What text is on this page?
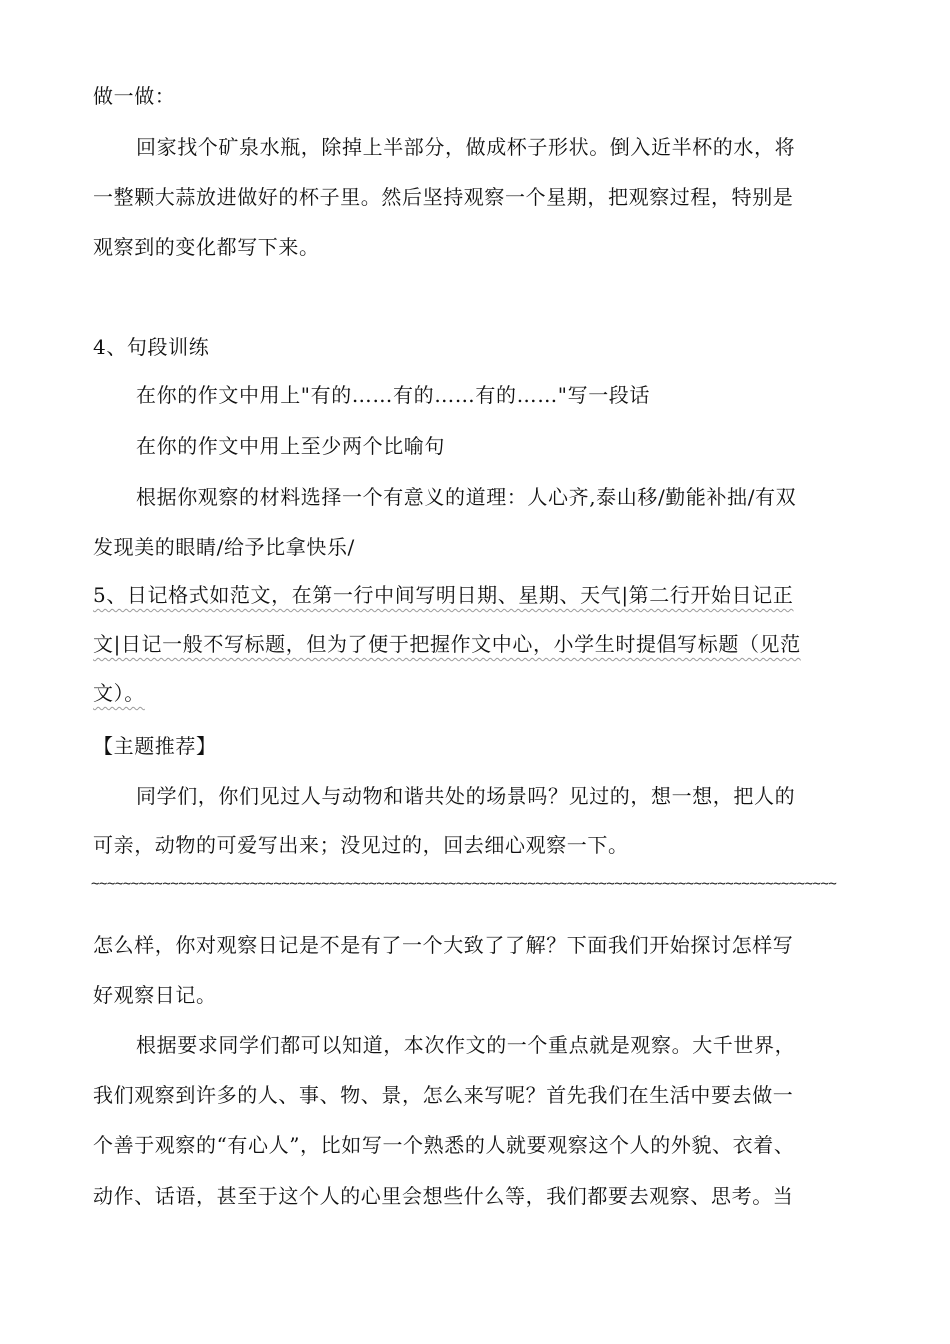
做一做：
回家找个矿泉水瓶，除掉上半部分，做成杯子形状。倒入近半杯的水，将
一整颗大蒜放进做好的杯子里。然后坚持观察一个星期，把观察过程，特别是
观察到的变化都写下来。
4、句段训练
在你的作文中用上"有的……有的……有的……"写一段话
在你的作文中用上至少两个比喻句
根据你观察的材料选择一个有意义的道理：人心齐,泰山移/勤能补拙/有双
发现美的眼睛/给予比拿快乐/
5、日记格式如范文，在第一行中间写明日期、星期、天气|第二行开始日记正
文|日记一般不写标题，但为了便于把握作文中心，小学生时提倡写标题（见范
文）。
【主题推荐】
同学们，你们见过人与动物和谐共处的场景吗？见过的，想一想，把人的
可亲，动物的可爱写出来；没见过的，回去细心观察一下。
~~~~~~~~~~~~~~~~~~~~~~~~~~~~~~~~~~~~~~~~~~~~~~~~~~~~~~~~~~~~~~~~~~~~~~~~~~~~~~~~~~~~~~~~~~~~~~
怎么样，你对观察日记是不是有了一个大致了了解？下面我们开始探讨怎样写
好观察日记。
根据要求同学们都可以知道，本次作文的一个重点就是观察。大千世界，
我们观察到许多的人、事、物、景，怎么来写呢？首先我们在生活中要去做一
个善于观察的“有心人”，比如写一个熟悉的人就要观察这个人的外貌、衣着、
动作、话语，甚至于这个人的心里会想些什么等，我们都要去观察、思考。当
